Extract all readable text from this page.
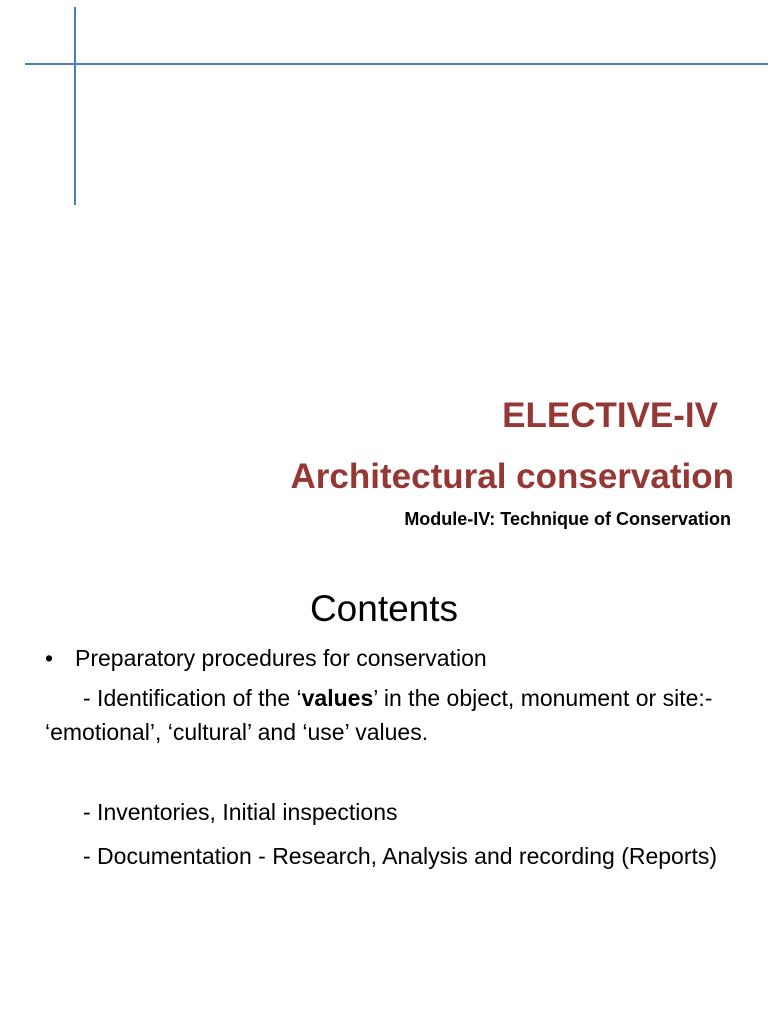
ELECTIVE-IV
Architectural conservation
Module-IV: Technique of Conservation
Contents
• Preparatory procedures for conservation
- Identification of the ‘values’ in the object, monument or site:- ‘emotional’, ‘cultural’ and ‘use’ values.
- Inventories, Initial inspections
- Documentation - Research, Analysis and recording (Reports)
